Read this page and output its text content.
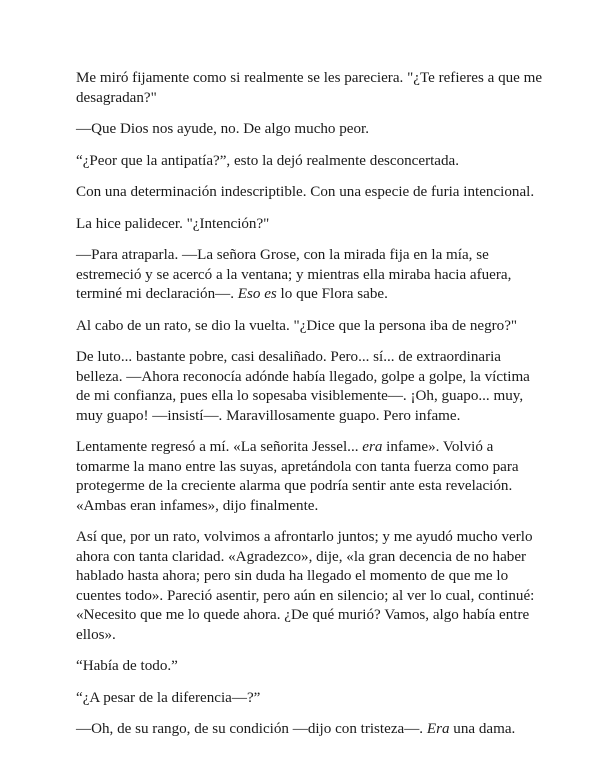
Me miró fijamente como si realmente se les pareciera. "¿Te refieres a que me desagradan?"

—Que Dios nos ayude, no. De algo mucho peor.

“¿Peor que la antipatía?”, esto la dejó realmente desconcertada.

Con una determinación indescriptible. Con una especie de furia intencional.

La hice palidecer. "¿Intención?"

—Para atraparla. —La señora Grose, con la mirada fija en la mía, se estremeció y se acercó a la ventana; y mientras ella miraba hacia afuera, terminé mi declaración—. Eso es lo que Flora sabe.

Al cabo de un rato, se dio la vuelta. "¿Dice que la persona iba de negro?"

De luto... bastante pobre, casi desaliñado. Pero... sí... de extraordinaria belleza. —Ahora reconocía adónde había llegado, golpe a golpe, la víctima de mi confianza, pues ella lo sopesaba visiblemente—. ¡Oh, guapo... muy, muy guapo! —insistí—. Maravillosamente guapo. Pero infame.

Lentamente regresó a mí. «La señorita Jessel... era infame». Volvió a tomarme la mano entre las suyas, apretándola con tanta fuerza como para protegerme de la creciente alarma que podría sentir ante esta revelación. «Ambas eran infames», dijo finalmente.

Así que, por un rato, volvimos a afrontarlo juntos; y me ayudó mucho verlo ahora con tanta claridad. «Agradezco», dije, «la gran decencia de no haber hablado hasta ahora; pero sin duda ha llegado el momento de que me lo cuentes todo». Pareció asentir, pero aún en silencio; al ver lo cual, continué: «Necesito que me lo quede ahora. ¿De qué murió? Vamos, algo había entre ellos».

“Había de todo.”

“¿A pesar de la diferencia—?”

—Oh, de su rango, de su condición —dijo con tristeza—. Era una dama.
